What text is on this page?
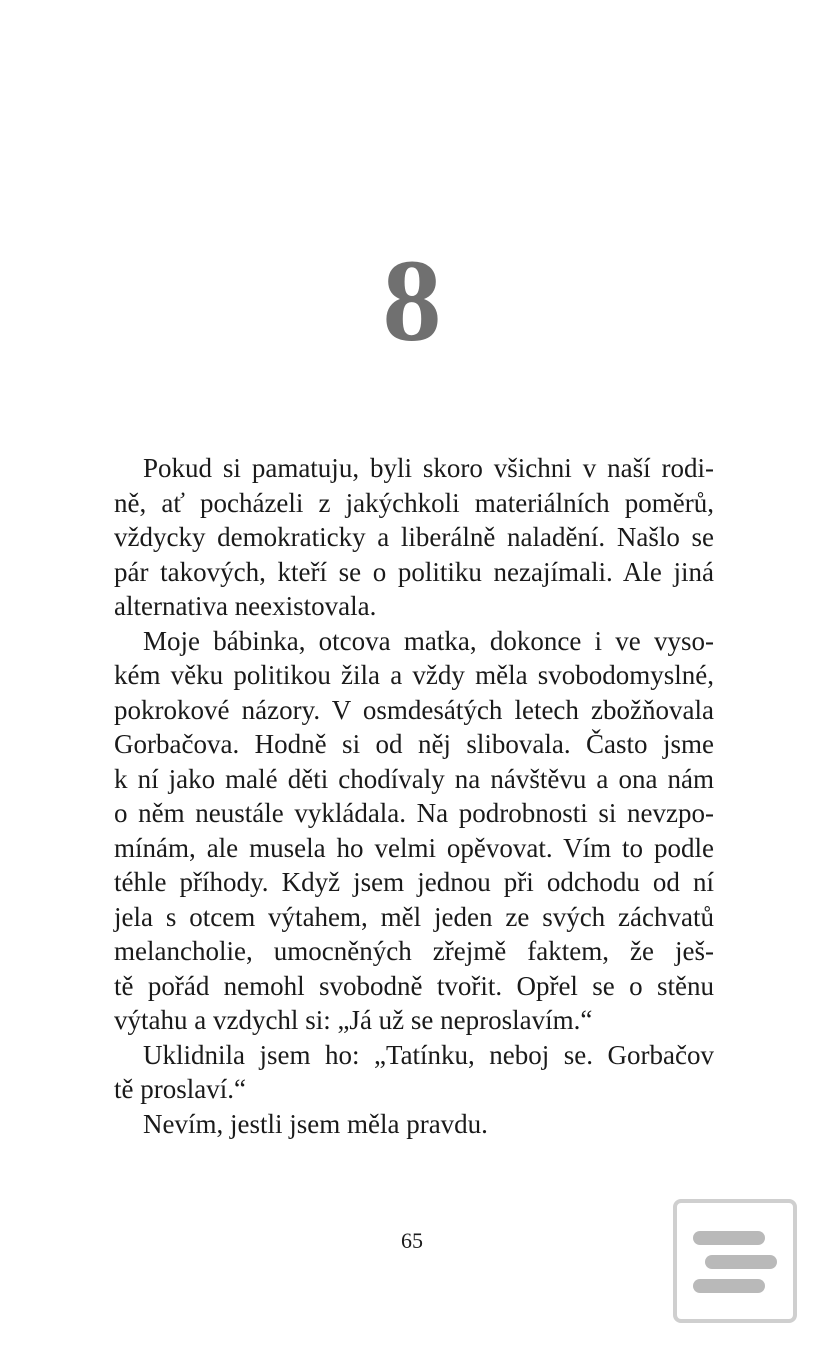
8
Pokud si pamatuju, byli skoro všichni v naší rodi-
ně, ať pocházeli z jakýchkoli materiálních poměrů,
vždycky demokraticky a liberálně naladění. Našlo se
pár takových, kteří se o politiku nezajímali. Ale jiná
alternativa neexistovala.
Moje bábinka, otcova matka, dokonce i ve vyso-
kém věku politikou žila a vždy měla svobodomyslné,
pokrokové názory. V osmdesátých letech zbožňovala
Gorbačova. Hodně si od něj slibovala. Často jsme
k ní jako malé děti chodívaly na návštěvu a ona nám
o něm neustále vykládala. Na podrobnosti si nevzpo-
mínám, ale musela ho velmi opěvovat. Vím to podle
téhle příhody. Když jsem jednou při odchodu od ní
jela s otcem výtahem, měl jeden ze svých záchvatů
melancholie, umocněných zřejmě faktem, že ješ-
tě pořád nemohl svobodně tvořit. Opřel se o stěnu
výtahu a vzdychl si: „Já už se neproslavím.“
Uklidnila jsem ho: „Tatínku, neboj se. Gorbačov
tě proslaví.“
Nevím, jestli jsem měla pravdu.
65
